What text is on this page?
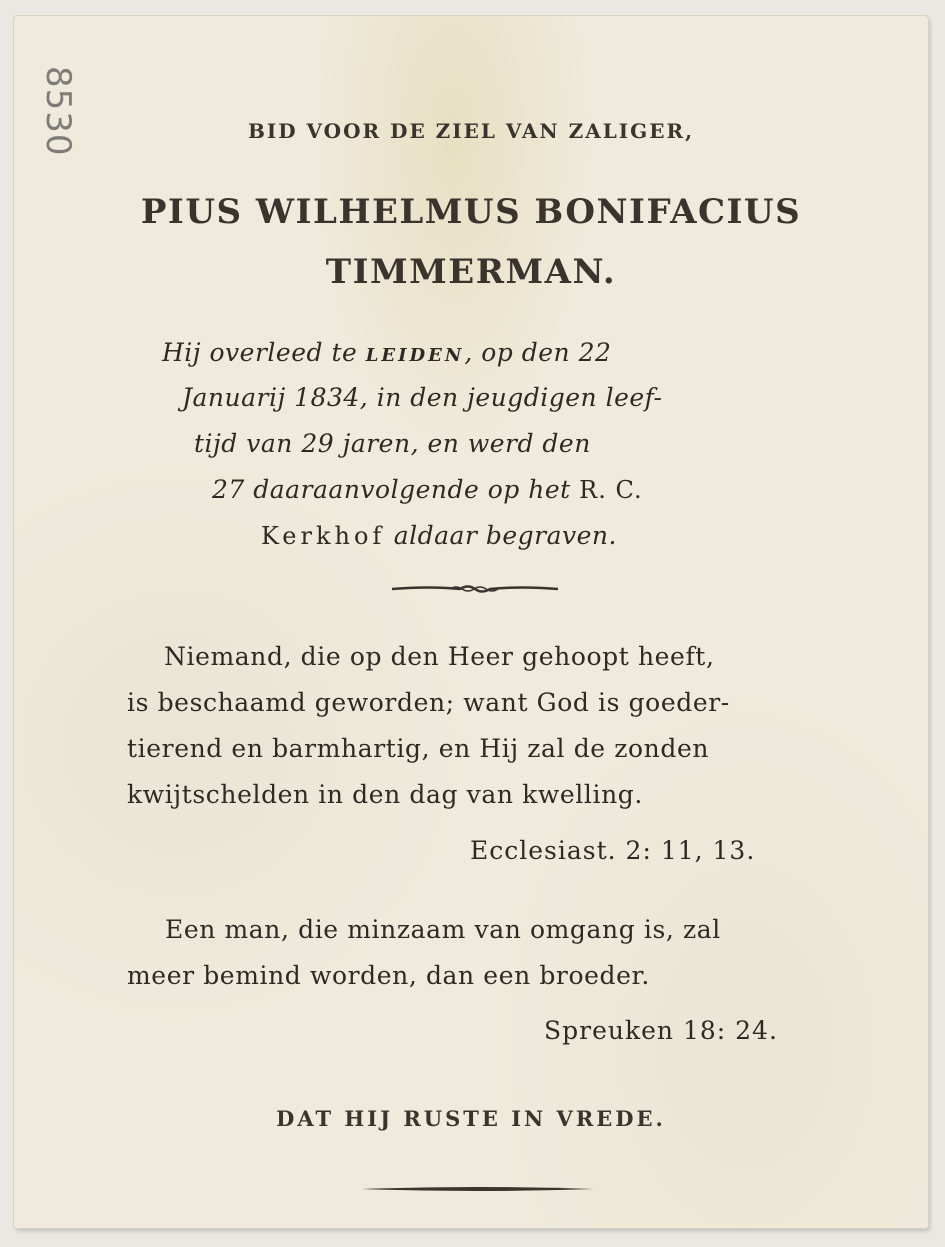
8530	BID VOOR DE ZIEL VAN ZALIGER,
PIUS WILHELMUS BONIFACIUS
TIMMERMAN.
Hij overleed te LEIDEN, op den 22
Januarij 1834, in den jeugdigen leef-
tijd van 29 jaren, en werd den
27 daaraanvolgende op het R. C.
Kerkhof aldaar begraven.
Niemand, die op den Heer gehoopt heeft,
is beschaamd geworden; want God is goeder-
tierend en barmhartig, en Hij zal de zonden
kwijtschelden in den dag van kwelling.
Ecclesiast. 2: 11, 13.
Een man, die minzaam van omgang is, zal
meer bemind worden, dan een broeder.
Spreuken 18: 24.
DAT HIJ RUSTE IN VREDE.
